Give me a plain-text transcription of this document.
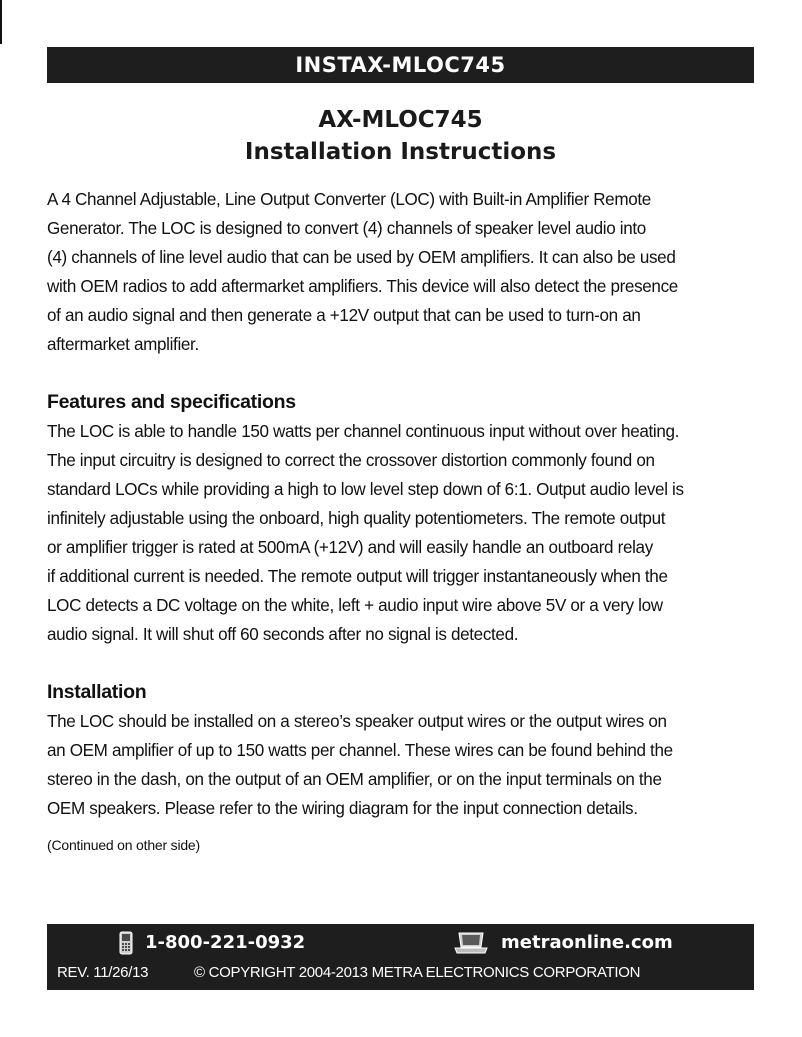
INSTAX-MLOC745
AX-MLOC745
Installation Instructions
A 4 Channel Adjustable, Line Output Converter (LOC) with Built-in Amplifier Remote
Generator. The LOC is designed to convert (4) channels of speaker level audio into
(4) channels of line level audio that can be used by OEM amplifiers. It can also be used
with OEM radios to add aftermarket amplifiers. This device will also detect the presence
of an audio signal and then generate a +12V output that can be used to turn-on an
aftermarket amplifier.
Features and specifications
The LOC is able to handle 150 watts per channel continuous input without over heating.
The input circuitry is designed to correct the crossover distortion commonly found on
standard LOCs while providing a high to low level step down of 6:1. Output audio level is
infinitely adjustable using the onboard, high quality potentiometers. The remote output
or amplifier trigger is rated at 500mA (+12V) and will easily handle an outboard relay
if additional current is needed. The remote output will trigger instantaneously when the
LOC detects a DC voltage on the white, left + audio input wire above 5V or a very low
audio signal. It will shut off 60 seconds after no signal is detected.
Installation
The LOC should be installed on a stereo’s speaker output wires or the output wires on
an OEM amplifier of up to 150 watts per channel. These wires can be found behind the
stereo in the dash, on the output of an OEM amplifier, or on the input terminals on the
OEM speakers. Please refer to the wiring diagram for the input connection details.
(Continued on other side)
1-800-221-0932	metraonline.com
REV. 11/26/13	© COPYRIGHT 2004-2013 METRA ELECTRONICS CORPORATION
